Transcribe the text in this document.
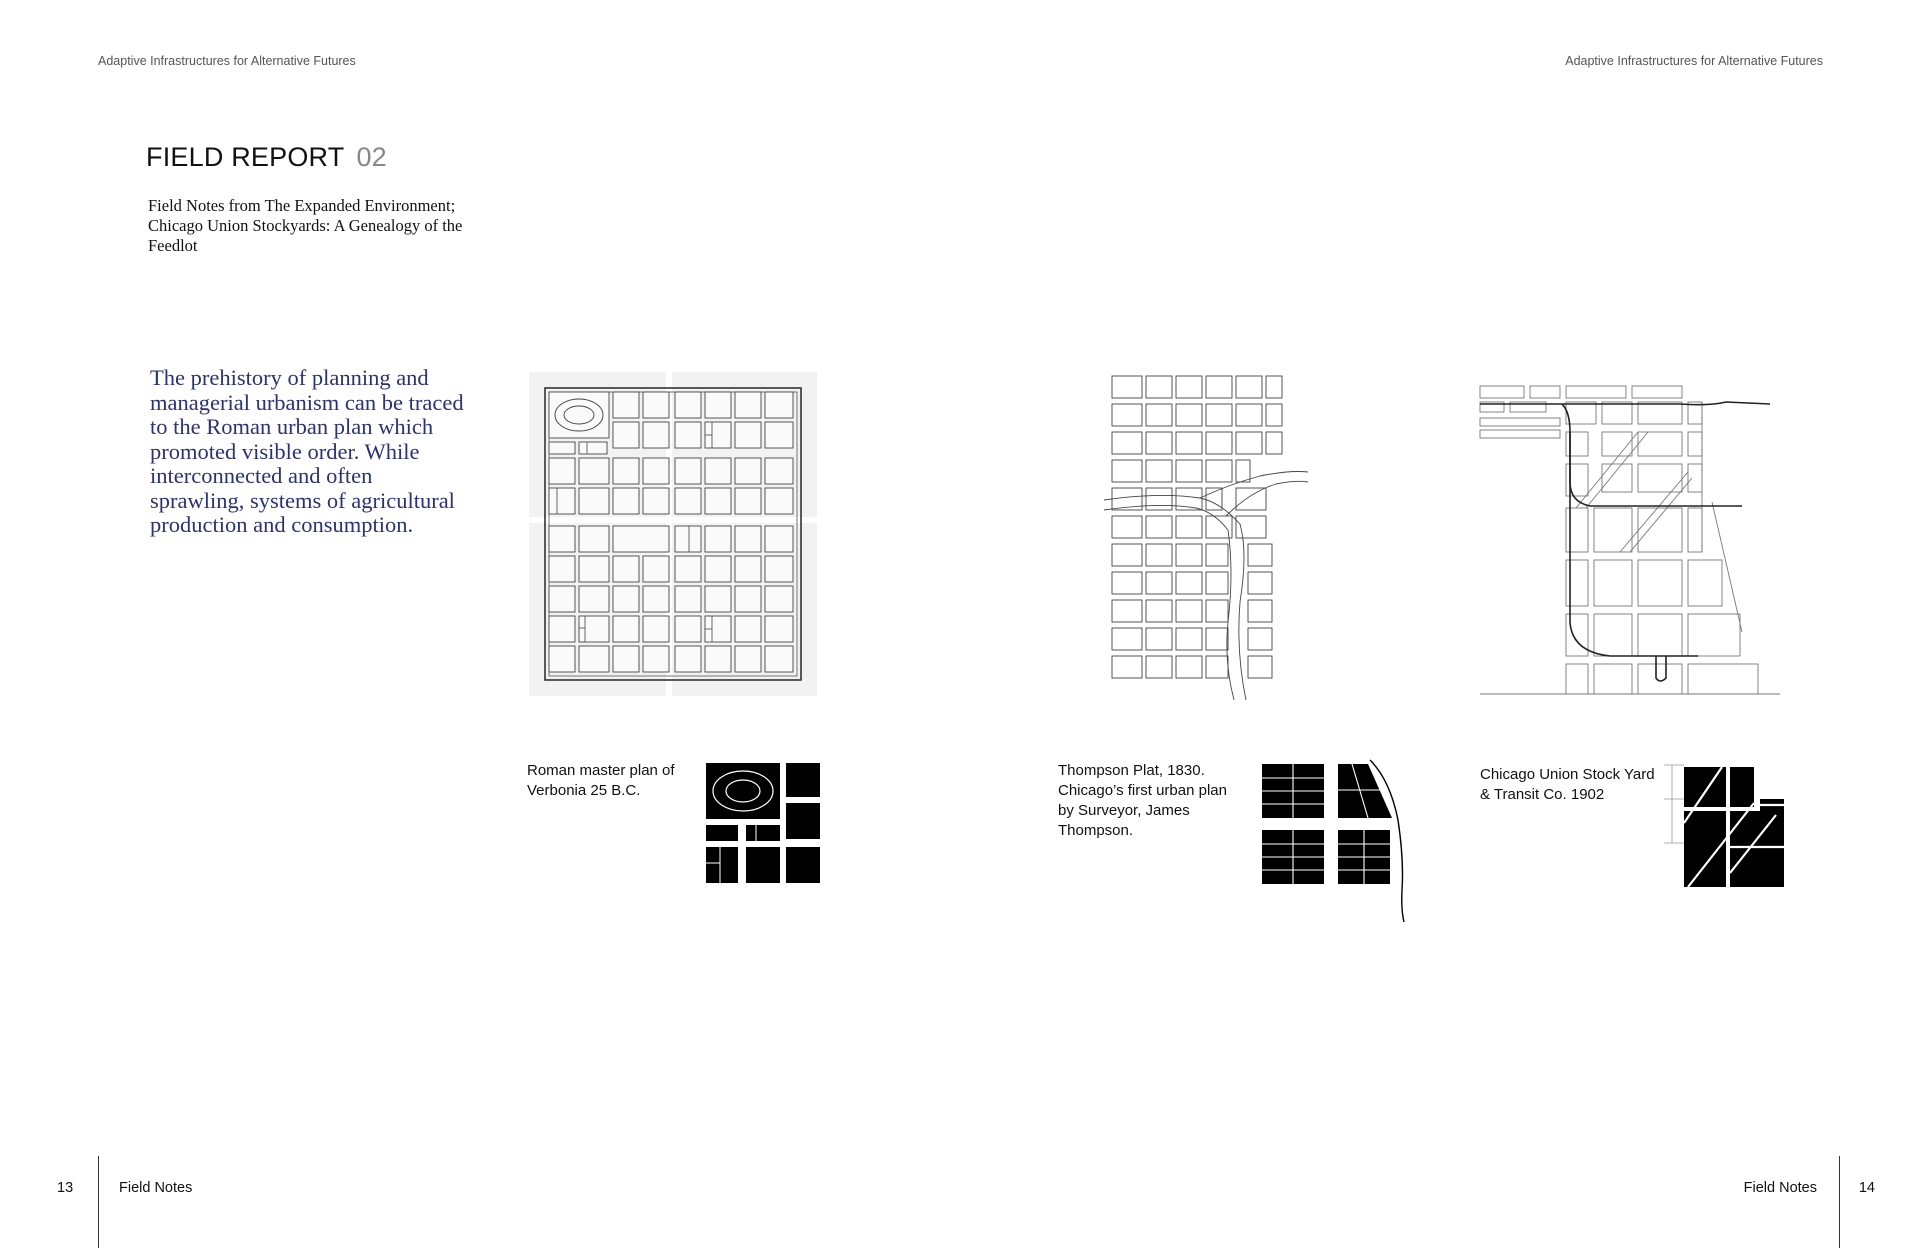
Adaptive Infrastructures for Alternative Futures	Adaptive Infrastructures for Alternative Futures
FIELD REPORT 02
Field Notes from The Expanded Environment; Chicago Union Stockyards: A Genealogy of the Feedlot
The prehistory of planning and managerial urbanism can be traced to the Roman urban plan which promoted visible order. While interconnected and often sprawling, systems of agricultural production and consumption.
Roman master plan of Verbonia 25 B.C.
Thompson Plat, 1830. Chicago’s first urban plan by Surveyor, James Thompson.
Chicago Union Stock Yard & Transit Co. 1902
13	Field Notes	Field Notes	14
